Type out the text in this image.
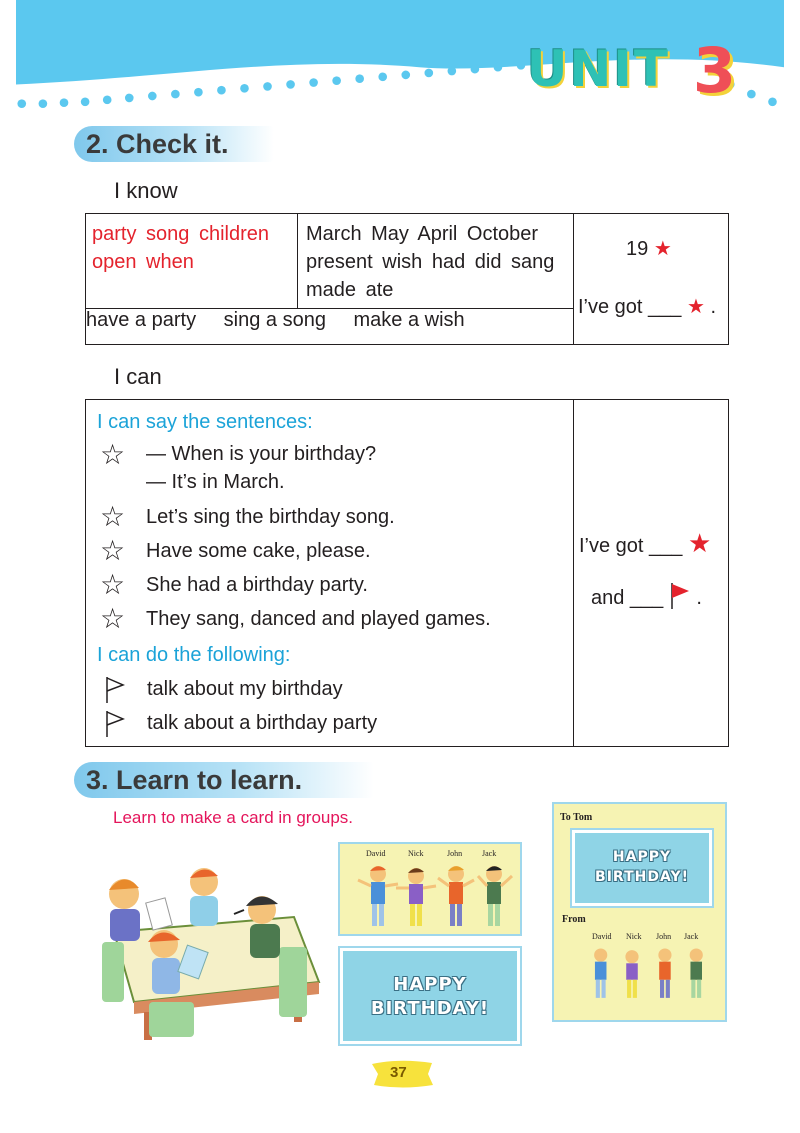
UNIT 3
2. Check it.
I know
party song children open when

March May April October present wish had did sang made ate

19 ★
I’ve got ___ ★ .

have a party sing a song make a wish
I can
I can say the sentences:
☆ — When is your birthday?
— It’s in March.
☆ Let’s sing the birthday song.
☆ Have some cake, please.
☆ She had a birthday party.
☆ They sang, danced and played games.
I can do the following:
talk about my birthday
talk about a birthday party

I’ve got ___ ★
and ___ .
3. Learn to learn.
Learn to make a card in groups.
David	Nick	John Jack
HAPPY
BIRTHDAY!
To Tom
HAPPY
BIRTHDAY!
From
David Nick John Jack
37
